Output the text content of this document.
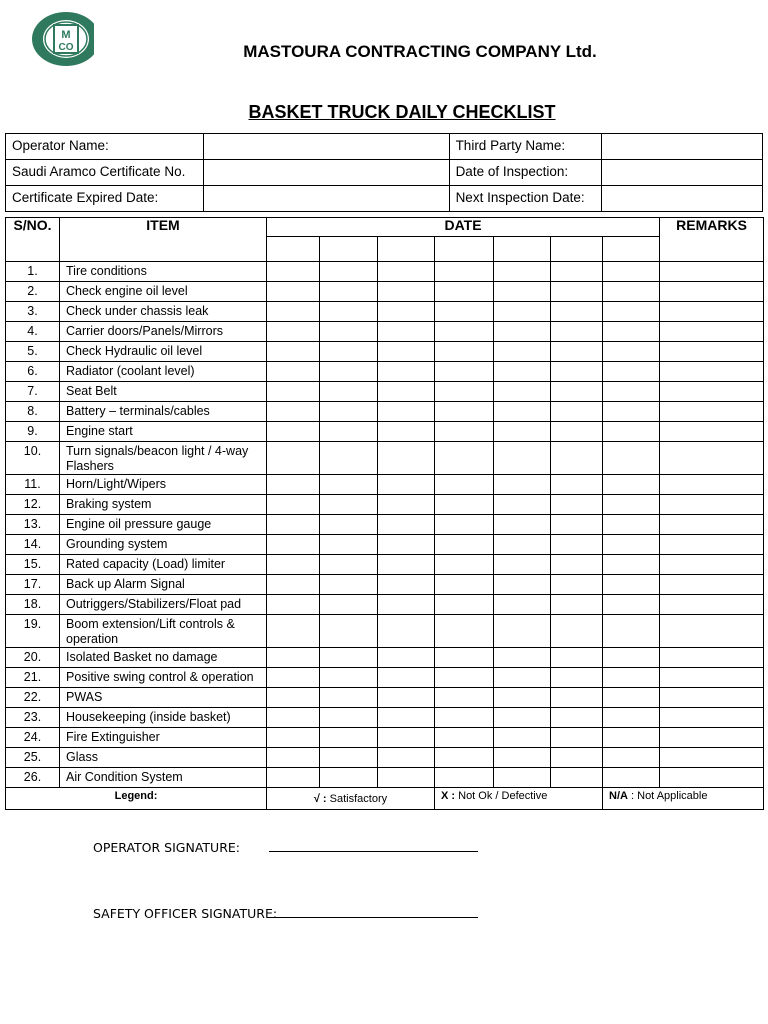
M
CO	MASTOURA CONTRACTING COMPANY Ltd.
BASKET TRUCK DAILY CHECKLIST
Operator Name:		Third Party Name:	
Saudi Aramco Certificate No.		Date of Inspection:	
Certificate Expired Date:		Next Inspection Date:	
S/NO.	ITEM	DATE							REMARKS

1.	Tire conditions								
2.	Check engine oil level								
3.	Check under chassis leak								
4.	Carrier doors/Panels/Mirrors								
5.	Check Hydraulic oil level								
6.	Radiator (coolant level)								
7.	Seat Belt								
8.	Battery – terminals/cables								
9.	Engine start								
10.	Turn signals/beacon light / 4-way Flashers								
11.	Horn/Light/Wipers								
12.	Braking system								
13.	Engine oil pressure gauge								
14.	Grounding system								
15.	Rated capacity (Load) limiter								
17.	Back up Alarm Signal								
18.	Outriggers/Stabilizers/Float pad								
19.	Boom extension/Lift controls & operation								
20.	Isolated Basket no damage								
21.	Positive swing control & operation								
22.	PWAS								
23.	Housekeeping (inside basket)								
24.	Fire Extinguisher								
25.	Glass								
26.	Air Condition System								
Legend:		√ : Satisfactory			X : Not Ok / Defective			N/A : Not Applicable	
OPERATOR SIGNATURE:
SAFETY OFFICER SIGNATURE:
